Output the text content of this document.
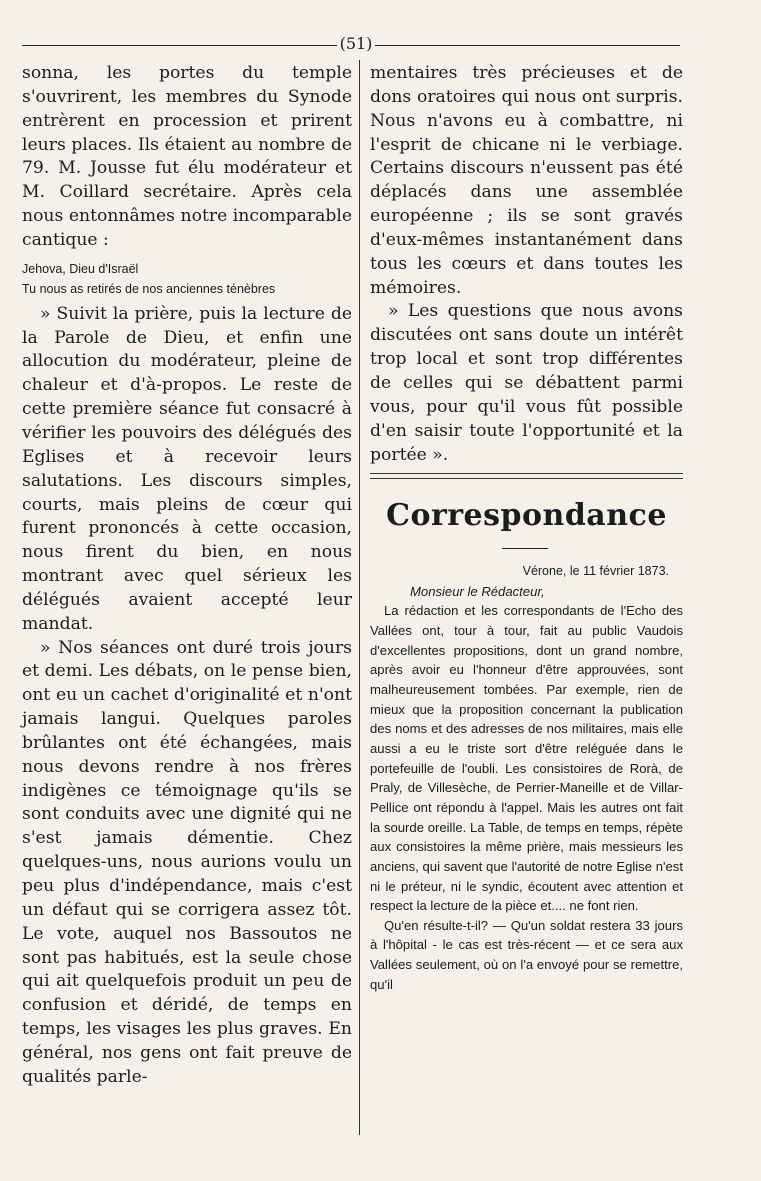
(51)

sonna, les portes du temple s'ouvrirent, les membres du Synode entrèrent en procession et prirent leurs places. Ils étaient au nombre de 79. M. Jousse fut élu modérateur et M. Coillard secrétaire. Après cela nous entonnâmes notre incomparable cantique :

Jehova, Dieu d'Israël
Tu nous as retirés de nos anciennes ténèbres

» Suivit la prière, puis la lecture de la Parole de Dieu, et enfin une allocution du modérateur, pleine de chaleur et d'à-propos. Le reste de cette première séance fut consacré à vérifier les pouvoirs des délégués des Eglises et à recevoir leurs salutations. Les discours simples, courts, mais pleins de cœur qui furent prononcés à cette occasion, nous firent du bien, en nous montrant avec quel sérieux les délégués avaient accepté leur mandat.

» Nos séances ont duré trois jours et demi. Les débats, on le pense bien, ont eu un cachet d'originalité et n'ont jamais langui. Quelques paroles brûlantes ont été échangées, mais nous devons rendre à nos frères indigènes ce témoignage qu'ils se sont conduits avec une dignité qui ne s'est jamais démentie. Chez quelques-uns, nous aurions voulu un peu plus d'indépendance, mais c'est un défaut qui se corrigera assez tôt. Le vote, auquel nos Bassoutos ne sont pas habitués, est la seule chose qui ait quelquefois produit un peu de confusion et déridé, de temps en temps, les visages les plus graves. En général, nos gens ont fait preuve de qualités parle-

mentaires très précieuses et de dons oratoires qui nous ont surpris. Nous n'avons eu à combattre, ni l'esprit de chicane ni le verbiage. Certains discours n'eussent pas été déplacés dans une assemblée européenne ; ils se sont gravés d'eux-mêmes instantanément dans tous les cœurs et dans toutes les mémoires.

» Les questions que nous avons discutées ont sans doute un intérêt trop local et sont trop différentes de celles qui se débattent parmi vous, pour qu'il vous fût possible d'en saisir toute l'opportunité et la portée ».

Correspondance

Vérone, le 11 février 1873.

Monsieur le Rédacteur,

La rédaction et les correspondants de l'Echo des Vallées ont, tour à tour, fait au public Vaudois d'excellentes propositions, dont un grand nombre, après avoir eu l'honneur d'être approuvées, sont malheureusement tombées. Par exemple, rien de mieux que la proposition concernant la publication des noms et des adresses de nos militaires, mais elle aussi a eu le triste sort d'être reléguée dans le portefeuille de l'oubli. Les consistoires de Rorà, de Praly, de Villesèche, de Perrier-Maneille et de Villar-Pellice ont répondu à l'appel. Mais les autres ont fait la sourde oreille. La Table, de temps en temps, répète aux consistoires la même prière, mais messieurs les anciens, qui savent que l'autorité de notre Eglise n'est ni le préteur, ni le syndic, écoutent avec attention et respect la lecture de la pièce et.... ne font rien.

Qu'en résulte-t-il? — Qu'un soldat restera 33 jours à l'hôpital - le cas est très-récent — et ce sera aux Vallées seulement, où on l'a envoyé pour se remettre, qu'il
